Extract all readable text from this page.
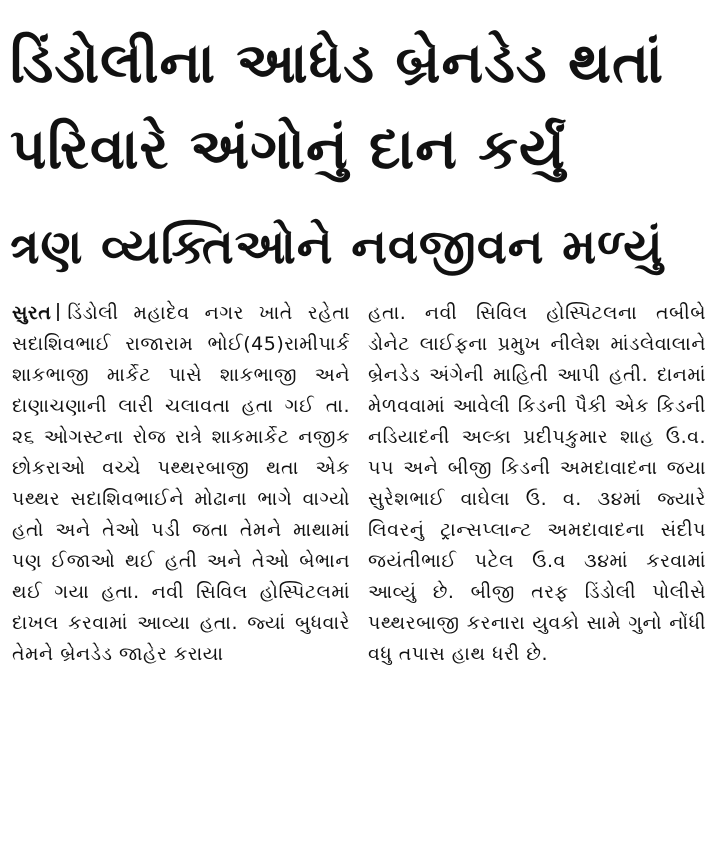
ડિંડોલીના આધેડ બ્રેનડેડ થતાં
પરિવારે અંગોનું દાન કર્યું
ત્રણ વ્યક્તિઓને નવજીવન મળ્યું

સુરત ડિંડોલી મહાદેવ નગર ખાતે રહેતા સદાશિવભાઈ રાજારામ ભોઈ(45)રામીપાર્ક શાકભાજી માર્કેટ પાસે શાકભાજી અને દાણાચણાની લારી ચલાવતા હતા ગઈ તા. ૨૬ ઓગસ્ટના રોજ રાત્રે શાકમાર્કેટ નજીક છોકરાઓ વચ્ચે પથ્થરબાજી થતા એક પથ્થર સદાશિવભાઈને મોઢાના ભાગે વાગ્યો હતો અને તેઓ પડી જતા તેમને માથામાં પણ ઈજાઓ થઈ હતી અને તેઓ બેભાન થઈ ગયા હતા. નવી સિવિલ હોસ્પિટલમાં દાખલ કરવામાં આવ્યા હતા. જ્યાં બુધવારે તેમને બ્રેનડેડ જાહેર કરાયા

હતા. નવી સિવિલ હોસ્પિટલના તબીબે ડોનેટ લાઈફના પ્રમુખ નીલેશ માંડલેવાલાને બ્રેનડેડ અંગેની માહિતી આપી હતી. દાનમાં મેળવવામાં આવેલી કિડની પૈકી એક કિડની નડિયાદની અલ્કા પ્રદીપકુમાર શાહ ઉ.વ. ૫૫ અને બીજી કિડની અમદાવાદના જયા સુરેશભાઈ વાઘેલા ઉ. વ. ૩૪માં જ્યારે લિવરનું ટ્રાન્સપ્લાન્ટ અમદાવાદના સંદીપ જયંતીભાઈ પટેલ ઉ.વ ૩૪માં કરવામાં આવ્યું છે. બીજી તરફ ડિંડોલી પોલીસે પથ્થરબાજી કરનારા યુવકો સામે ગુનો નોંધી વધુ તપાસ હાથ ધરી છે.
